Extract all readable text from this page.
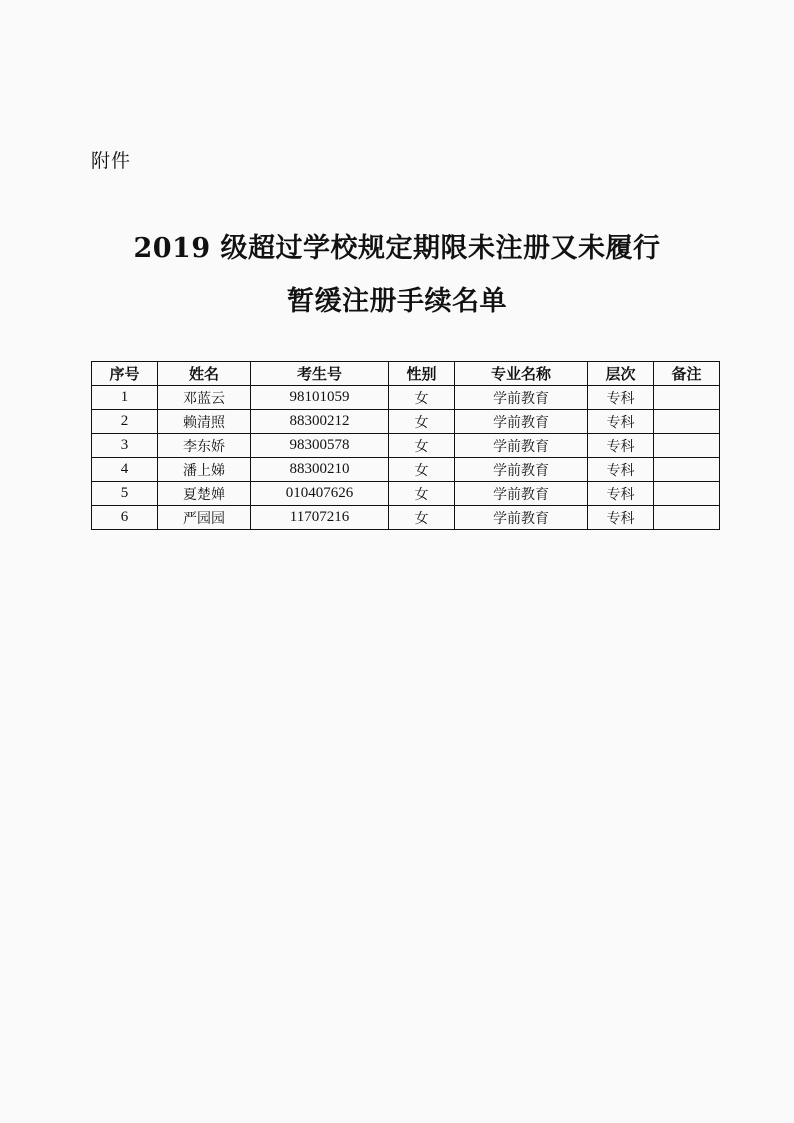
附件
2019 级超过学校规定期限未注册又未履行
暂缓注册手续名单
序号	姓名	考生号	性别	专业名称	层次	备注
1	邓蓝云	98101059	女	学前教育	专科	
2	赖清照	88300212	女	学前教育	专科	
3	李东娇	98300578	女	学前教育	专科	
4	潘上娣	88300210	女	学前教育	专科	
5	夏楚婵	010407626	女	学前教育	专科	
6	严园园	11707216	女	学前教育	专科	
